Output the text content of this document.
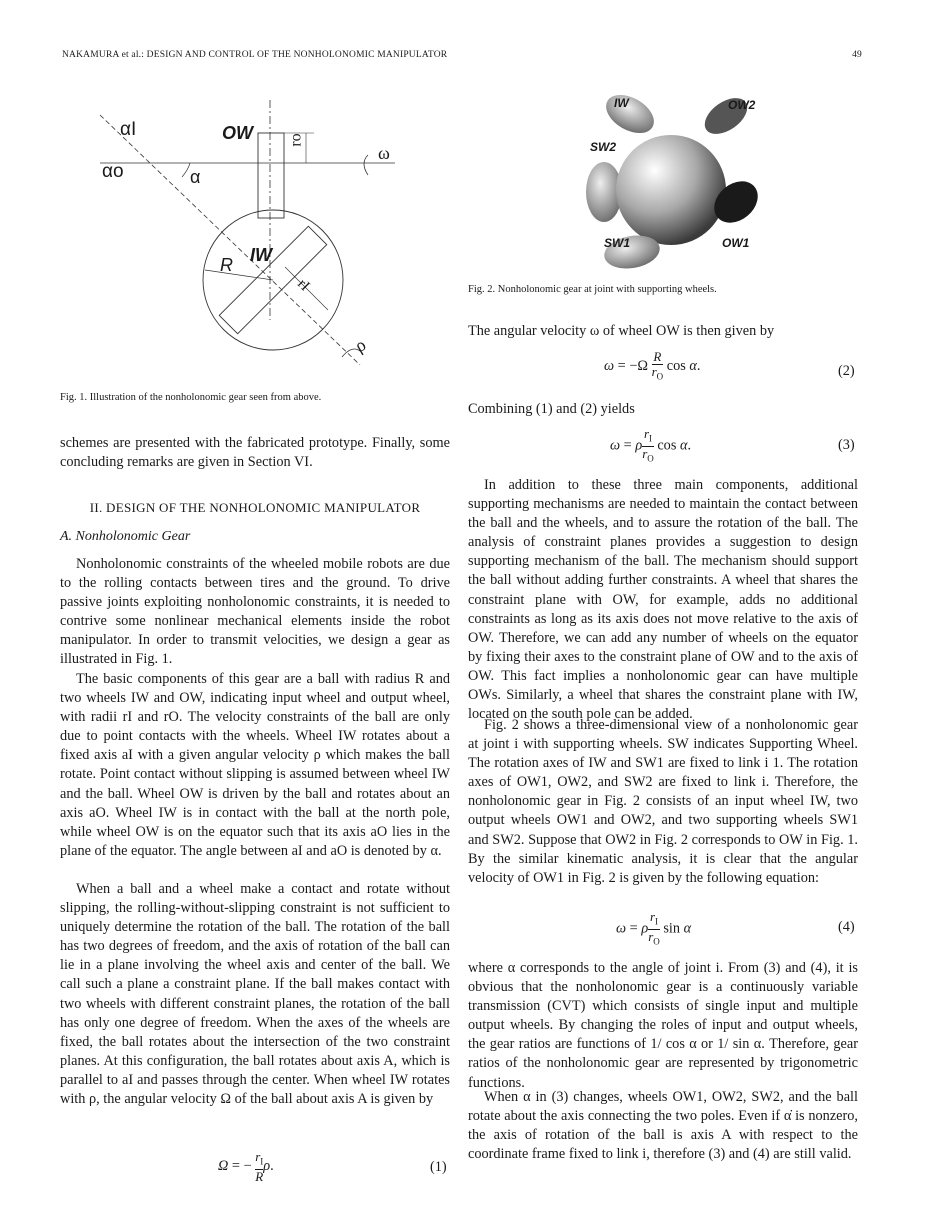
NAKAMURA et al.: DESIGN AND CONTROL OF THE NONHOLONOMIC MANIPULATOR	49
αI	OW ro
ω
αo	α
IW
R
rI
ρ

Fig. 1. Illustration of the nonholonomic gear seen from above.

schemes are presented with the fabricated prototype. Finally, some concluding remarks are given in Section VI.

II. DESIGN OF THE NONHOLONOMIC MANIPULATOR

A. Nonholonomic Gear

Nonholonomic constraints of the wheeled mobile robots are due to the rolling contacts between tires and the ground. To drive passive joints exploiting nonholonomic constraints, it is needed to contrive some nonlinear mechanical elements inside the robot manipulator. In order to transmit velocities, we design a gear as illustrated in Fig. 1.

The basic components of this gear are a ball with radius R and two wheels IW and OW, indicating input wheel and output wheel, with radii rI and rO. The velocity constraints of the ball are only due to point contacts with the wheels. Wheel IW rotates about a fixed axis aI with a given angular velocity ρ which makes the ball rotate. Point contact without slipping is assumed between wheel IW and the ball. Wheel OW is driven by the ball and rotates about an axis aO. Wheel IW is in contact with the ball at the north pole, while wheel OW is on the equator such that its axis aO lies in the plane of the equator. The angle between aI and aO is denoted by α.

When a ball and a wheel make a contact and rotate without slipping, the rolling-without-slipping constraint is not sufficient to uniquely determine the rotation of the ball. The rotation of the ball has two degrees of freedom, and the axis of rotation of the ball can lie in a plane involving the wheel axis and center of the ball. We call such a plane a constraint plane. If the ball makes contact with two wheels with different constraint planes, the rotation of the ball has only one degree of freedom. When the axes of the wheels are fixed, the ball rotates about the intersection of the two constraint planes. At this configuration, the ball rotates about axis A, which is parallel to aI and passes through the center. When wheel IW rotates with ρ, the angular velocity Ω of the ball about axis A is given by

Ω = − $\frac{r_I}{R} \rho$.	(1)
IW	OW2
SW2
SW1	OW1

Fig. 2. Nonholonomic gear at joint with supporting wheels.

The angular velocity ω of wheel OW is then given by

Combining (1) and (2) yields

In addition to these three main components, additional supporting mechanisms are needed to maintain the contact between the ball and the wheels, and to assure the rotation of the ball. The analysis of constraint planes provides a suggestion to design supporting mechanism of the ball. The mechanism should support the ball without adding further constraints. A wheel that shares the constraint plane with OW, for example, adds no additional constraints as long as its axis does not move relative to the axis of OW. Therefore, we can add any number of wheels on the equator by fixing their axes to the constraint plane of OW and to the axis of OW. This fact implies a nonholonomic gear can have multiple OWs. Similarly, a wheel that shares the constraint plane with IW, located on the south pole can be added.

Fig. 2 shows a three-dimensional view of a nonholonomic gear at joint i with supporting wheels. SW indicates Supporting Wheel. The rotation axes of IW and SW1 are fixed to link i 1. The rotation axes of OW1, OW2, and SW2 are fixed to link i. Therefore, the nonholonomic gear in Fig. 2 consists of an input wheel IW, two output wheels OW1 and OW2, and two supporting wheels SW1 and SW2. Suppose that OW2 in Fig. 2 corresponds to OW in Fig. 1. By the similar kinematic analysis, it is clear that the angular velocity of OW1 in Fig. 2 is given by the following equation:

where α corresponds to the angle of joint i. From (3) and (4), it is obvious that the nonholonomic gear is a continuously variable transmission (CVT) which consists of single input and multiple output wheels. By changing the roles of input and output wheels, the gear ratios are functions of 1/ cos α or 1/ sin α. Therefore, gear ratios of the nonholonomic gear are represented by trigonometric functions.

When α in (3) changes, wheels OW1, OW2, SW2, and the ball rotate about the axis connecting the two poles. Even if α̇ is nonzero, the axis of rotation of the ball is axis A with respect to the coordinate frame fixed to link i, therefore (3) and (4) are still valid.

$\omega = -\Omega \frac{R}{r_O}$ cos α.	(2)
ω = ρ $\frac{r_I}{r_O}$ cos α.	(3)
ω = ρ $\frac{r_I}{r_O}$ sin α	(4)
